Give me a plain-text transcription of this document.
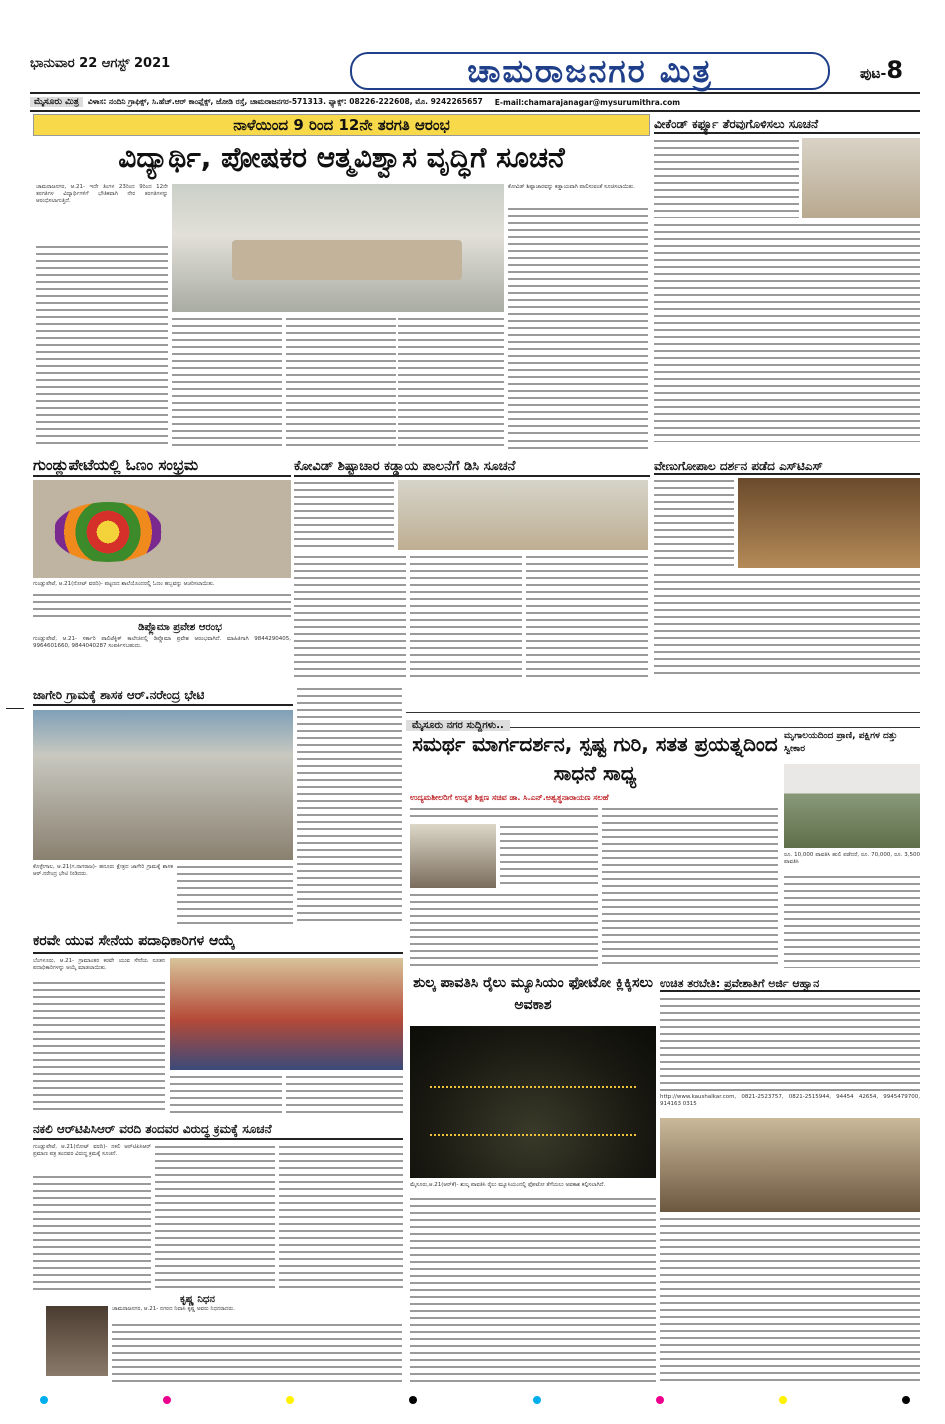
ಭಾನುವಾರ 22 ಆಗಸ್ಟ್ 2021	ಚಾಮರಾಜನಗರ ಮಿತ್ರ	ಪುಟ-8
ಮೈಸೂರು ಮಿತ್ರ	ವಿಳಾಸ: ನಂದಿನಿ ಗ್ರಾಫಿಕ್ಸ್, ಸಿ.ಹೆಚ್.ಆರ್ ಕಾಂಪ್ಲೆಕ್ಸ್, ಜೋಡಿ ರಸ್ತೆ, ಚಾಮರಾಜನಗರ-571313. ಫ್ಯಾಕ್ಸ್: 08226-222608, ಮೊ. 9242265657 E-mail:chamarajanagar@mysurumithra.com
ನಾಳೆಯಿಂದ 9 ರಿಂದ 12ನೇ ತರಗತಿ ಆರಂಭ
ವಿದ್ಯಾರ್ಥಿ, ಪೋಷಕರ ಆತ್ಮವಿಶ್ವಾಸ ವೃದ್ಧಿಗೆ ಸೂಚನೆ
ಚಾಮರಾಜನಗರ, ಆ.21- ಇದೇ ತಿಂಗಳ 23ರಿಂದ 9ರಿಂದ 12ನೇ ತರಗತಿಗಳ ವಿದ್ಯಾರ್ಥಿಗಳಿಗೆ ಭೌತಿಕವಾಗಿ ನೇರ ತರಗತಿಗಳನ್ನು ಆರಂಭಿಸಲಾಗುತ್ತಿದೆ.
ಕೋವಿಡ್ ಶಿಷ್ಟಾಚಾರವನ್ನು ಕಡ್ಡಾಯವಾಗಿ ಪಾಲಿಸುವಂತೆ ಸೂಚಿಸಲಾಯಿತು.
ವೀಕೆಂಡ್ ಕರ್ಫ್ಯೂ ತೆರವುಗೊಳಿಸಲು ಸೂಚನೆ
ಗುಂಡ್ಲುಪೇಟೆಯಲ್ಲಿ ಓಣಂ ಸಂಭ್ರಮ
ಗುಂಡ್ಲುಪೇಟೆ, ಆ.21(ನೋಟ್ ವರದಿ)- ಪಟ್ಟಣದ ಶಾಲೆಯೊಂದರಲ್ಲಿ ಓಣಂ ಹಬ್ಬವನ್ನು ಆಚರಿಸಲಾಯಿತು.
ಡಿಪ್ಲೊಮಾ ಪ್ರವೇಶ ಆರಂಭ
ಗುಂಡ್ಲುಪೇಟೆ, ಆ.21- ಸರ್ಕಾರಿ ಪಾಲಿಟೆಕ್ನಿಕ್ ಕಾಲೇಜಿನಲ್ಲಿ ಡಿಪ್ಲೊಮಾ ಪ್ರವೇಶ ಆರಂಭವಾಗಿದೆ. ಮಾಹಿತಿಗಾಗಿ 9844290405, 9964601660, 9844040287 ಸಂಪರ್ಕಿಸಬಹುದು.
ಕೋವಿಡ್ ಶಿಷ್ಟಾಚಾರ ಕಡ್ಡಾಯ ಪಾಲನೆಗೆ ಡಿಸಿ ಸೂಚನೆ	ವೇಣುಗೋಪಾಲ ದರ್ಶನ ಪಡೆದ ಎಸ್‌ಟಿಎಸ್
ಜಾಗೇರಿ ಗ್ರಾಮಕ್ಕೆ ಶಾಸಕ ಆರ್.ನರೇಂದ್ರ ಭೇಟಿ
ಕೊಳ್ಳೇಗಾಲ, ಆ.21(ಗ.ನಾಗರಾಜ)- ಹನೂರು ಕ್ಷೇತ್ರದ ಜಾಗೇರಿ ಗ್ರಾಮಕ್ಕೆ ಶಾಸಕ ಆರ್.ನರೇಂದ್ರ ಭೇಟಿ ನೀಡಿದರು.
ಮೈಸೂರು ನಗರ ಸುದ್ದಿಗಳು..
ಸಮರ್ಥ ಮಾರ್ಗದರ್ಶನ, ಸ್ಪಷ್ಟ ಗುರಿ, ಸತತ ಪ್ರಯತ್ನದಿಂದ ಸಾಧನೆ ಸಾಧ್ಯ
ಉದ್ಯಮಶೀಲರಿಗೆ ಉನ್ನತ ಶಿಕ್ಷಣ ಸಚಿವ ಡಾ. ಸಿ.ಎನ್.ಅಶ್ವತ್ಥನಾರಾಯಣ ಸಲಹೆ
ಮೃಗಾಲಯದಿಂದ ಪ್ರಾಣಿ, ಪಕ್ಷಿಗಳ ದತ್ತು ಸ್ವೀಕಾರ
ರೂ. 10,000 ಪಾವತಿಸಿ ಹುಲಿ ಪಡೆದರೆ, ರೂ. 70,000, ರೂ. 3,500 ಪಾವತಿಸಿ
ಕರವೇ ಯುವ ಸೇನೆಯ ಪದಾಧಿಕಾರಿಗಳ ಆಯ್ಕೆ
ಬೆಂಗಳೂರು, ಆ.21- ಗ್ರಾಮಾಂತರ ಕರವೇ ಯುವ ಸೇನೆಯ ನೂತನ ಪದಾಧಿಕಾರಿಗಳನ್ನು ಆಯ್ಕೆ ಮಾಡಲಾಯಿತು.
ಶುಲ್ಕ ಪಾವತಿಸಿ ರೈಲು ಮ್ಯೂಸಿಯಂ ಫೋಟೋ ಕ್ಲಿಕ್ಕಿಸಲು ಅವಕಾಶ
ಮೈಸೂರು,ಆ.21(ಆರ್‌ಕೆ)- ಶುಲ್ಕ ಪಾವತಿಸಿ ರೈಲು ಮ್ಯೂಸಿಯಂನಲ್ಲಿ ಫೋಟೋ ತೆಗೆಯಲು ಅವಕಾಶ ಕಲ್ಪಿಸಲಾಗಿದೆ.
ಉಚಿತ ತರಬೇತಿ: ಪ್ರವೇಶಾತಿಗೆ ಅರ್ಜಿ ಆಹ್ವಾನ
http://www.kaushalkar.com, 0821-2523757, 0821-2515944, 94454 42654, 9945479700, 914163 0315
ನಕಲಿ ಆರ್‌ಟಿಪಿಸಿಆರ್ ವರದಿ ತಂದವರ ವಿರುದ್ಧ ಕ್ರಮಕ್ಕೆ ಸೂಚನೆ
ಗುಂಡ್ಲುಪೇಟೆ, ಆ.21(ನೋಟ್ ವರದಿ)- ನಕಲಿ ಆರ್‌ಟಿಪಿಸಿಆರ್ ಪ್ರಮಾಣ ಪತ್ರ ತಂದವರ ವಿರುದ್ಧ ಕ್ರಮಕ್ಕೆ ಸೂಚನೆ.
ಕೃಷ್ಣ ನಿಧನ
ಚಾಮರಾಜನಗರ, ಆ.21- ನಗರದ ನಿವಾಸಿ ಕೃಷ್ಣ ಅವರು ನಿಧನರಾದರು.
